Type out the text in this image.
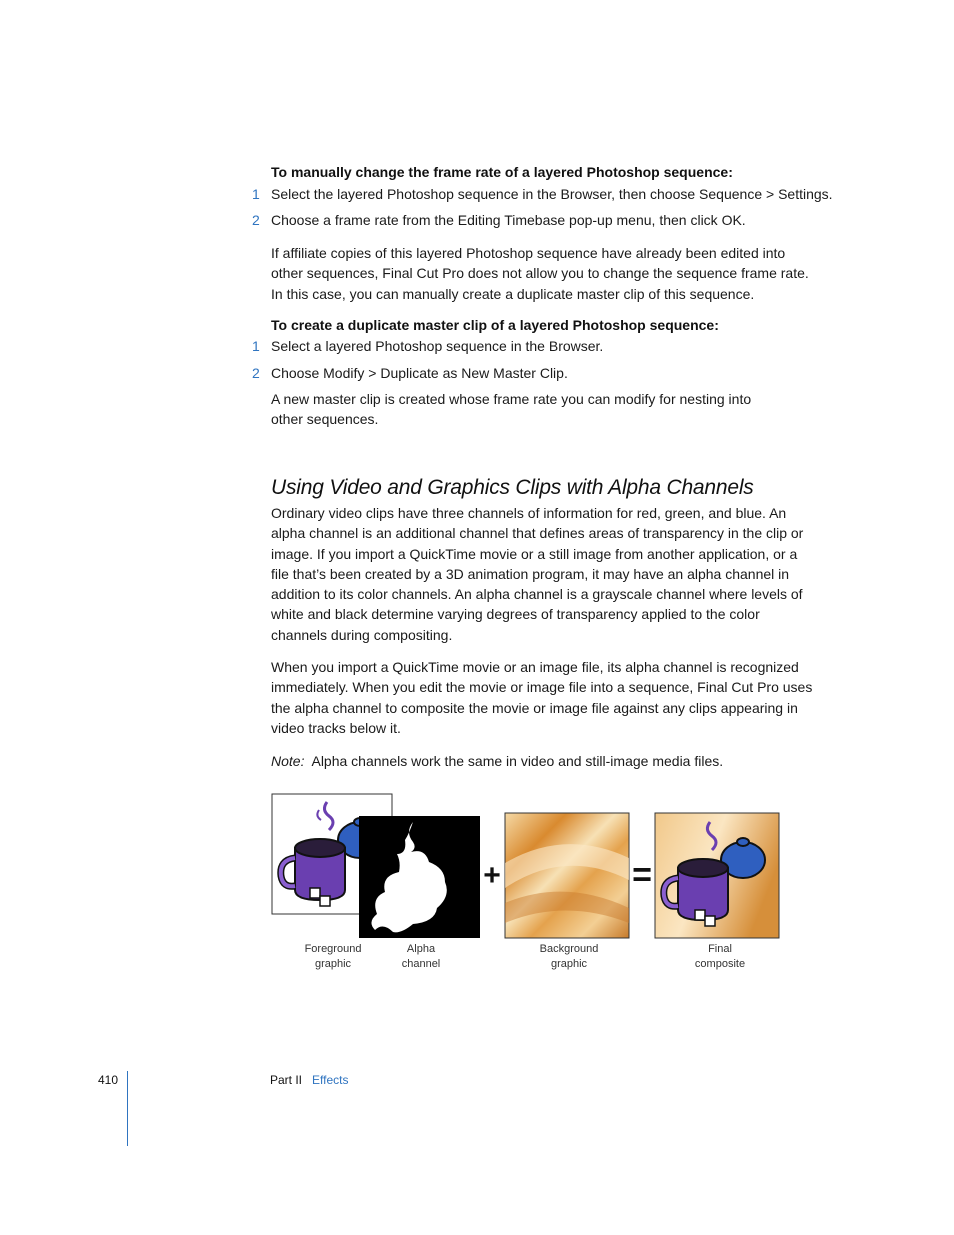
To manually change the frame rate of a layered Photoshop sequence:
1 Select the layered Photoshop sequence in the Browser, then choose Sequence > Settings.
2 Choose a frame rate from the Editing Timebase pop-up menu, then click OK.
If affiliate copies of this layered Photoshop sequence have already been edited into
other sequences, Final Cut Pro does not allow you to change the sequence frame rate.
In this case, you can manually create a duplicate master clip of this sequence.
To create a duplicate master clip of a layered Photoshop sequence:
1 Select a layered Photoshop sequence in the Browser.
2 Choose Modify > Duplicate as New Master Clip.
A new master clip is created whose frame rate you can modify for nesting into
other sequences.
Using Video and Graphics Clips with Alpha Channels
Ordinary video clips have three channels of information for red, green, and blue. An
alpha channel is an additional channel that defines areas of transparency in the clip or
image. If you import a QuickTime movie or a still image from another application, or a
file that’s been created by a 3D animation program, it may have an alpha channel in
addition to its color channels. An alpha channel is a grayscale channel where levels of
white and black determine varying degrees of transparency applied to the color
channels during compositing.
When you import a QuickTime movie or an image file, its alpha channel is recognized
immediately. When you edit the movie or image file into a sequence, Final Cut Pro uses
the alpha channel to composite the movie or image file against any clips appearing in
video tracks below it.
Note: Alpha channels work the same in video and still-image media files.
+	=
Foreground
graphic
Alpha
channel
Background
graphic
Final
composite
410	Part II Effects
